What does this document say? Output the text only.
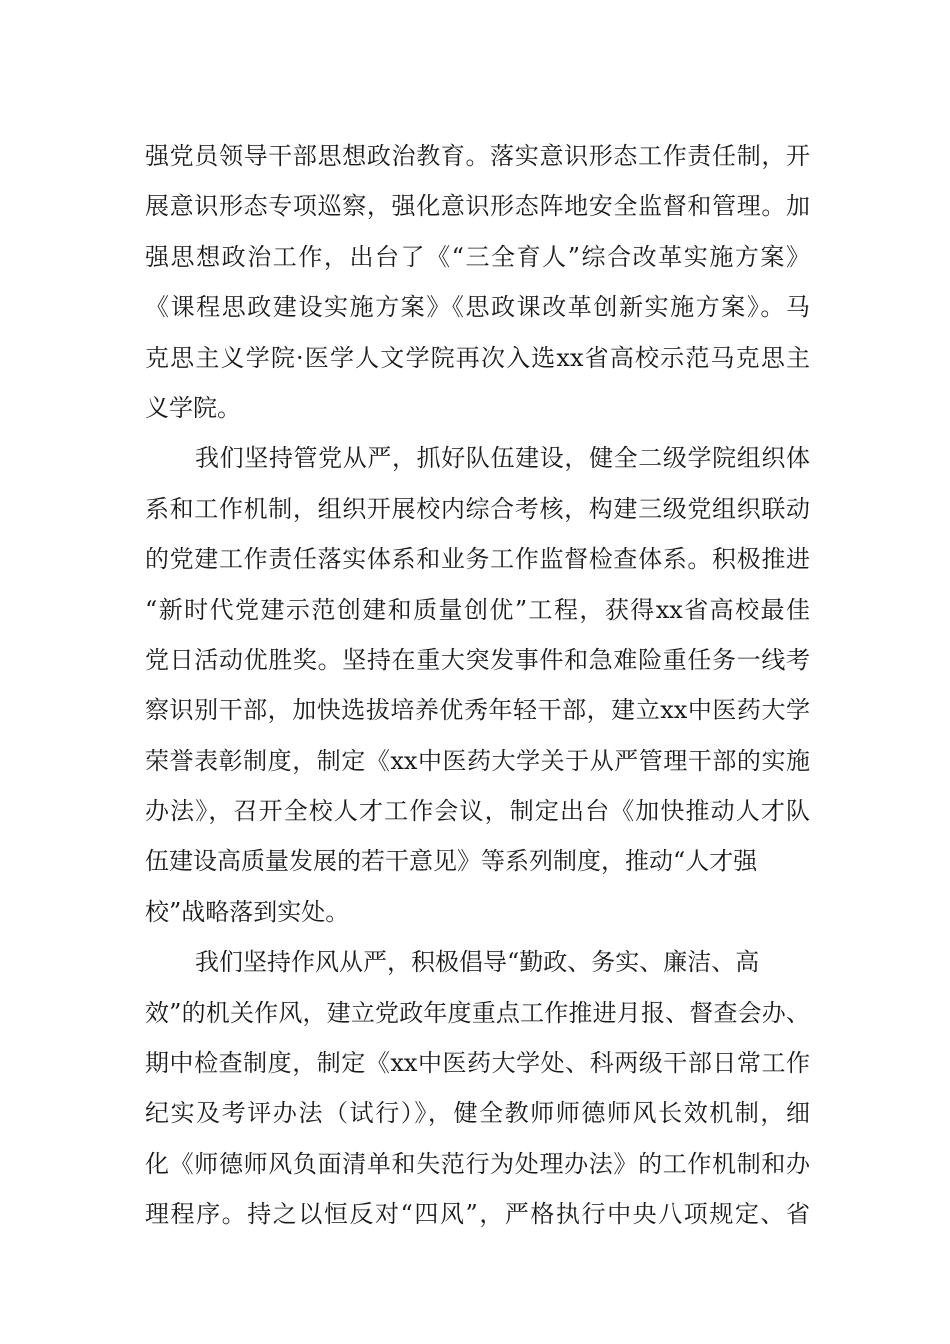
强党员领导干部思想政治教育。落实意识形态工作责任制，开
展意识形态专项巡察，强化意识形态阵地安全监督和管理。加
强思想政治工作，出台了《“三全育人”综合改革实施方案》
《课程思政建设实施方案》《思政课改革创新实施方案》。马
克思主义学院·医学人文学院再次入选xx省高校示范马克思主
义学院。
我们坚持管党从严，抓好队伍建设，健全二级学院组织体
系和工作机制，组织开展校内综合考核，构建三级党组织联动
的党建工作责任落实体系和业务工作监督检查体系。积极推进
“新时代党建示范创建和质量创优”工程，获得xx省高校最佳
党日活动优胜奖。坚持在重大突发事件和急难险重任务一线考
察识别干部，加快选拔培养优秀年轻干部，建立xx中医药大学
荣誉表彰制度，制定《xx中医药大学关于从严管理干部的实施
办法》，召开全校人才工作会议，制定出台《加快推动人才队
伍建设高质量发展的若干意见》等系列制度，推动“人才强
校”战略落到实处。
我们坚持作风从严，积极倡导“勤政、务实、廉洁、高
效”的机关作风，建立党政年度重点工作推进月报、督查会办、
期中检查制度，制定《xx中医药大学处、科两级干部日常工作
纪实及考评办法（试行）》，健全教师师德师风长效机制，细
化《师德师风负面清单和失范行为处理办法》的工作机制和办
理程序。持之以恒反对“四风”，严格执行中央八项规定、省
